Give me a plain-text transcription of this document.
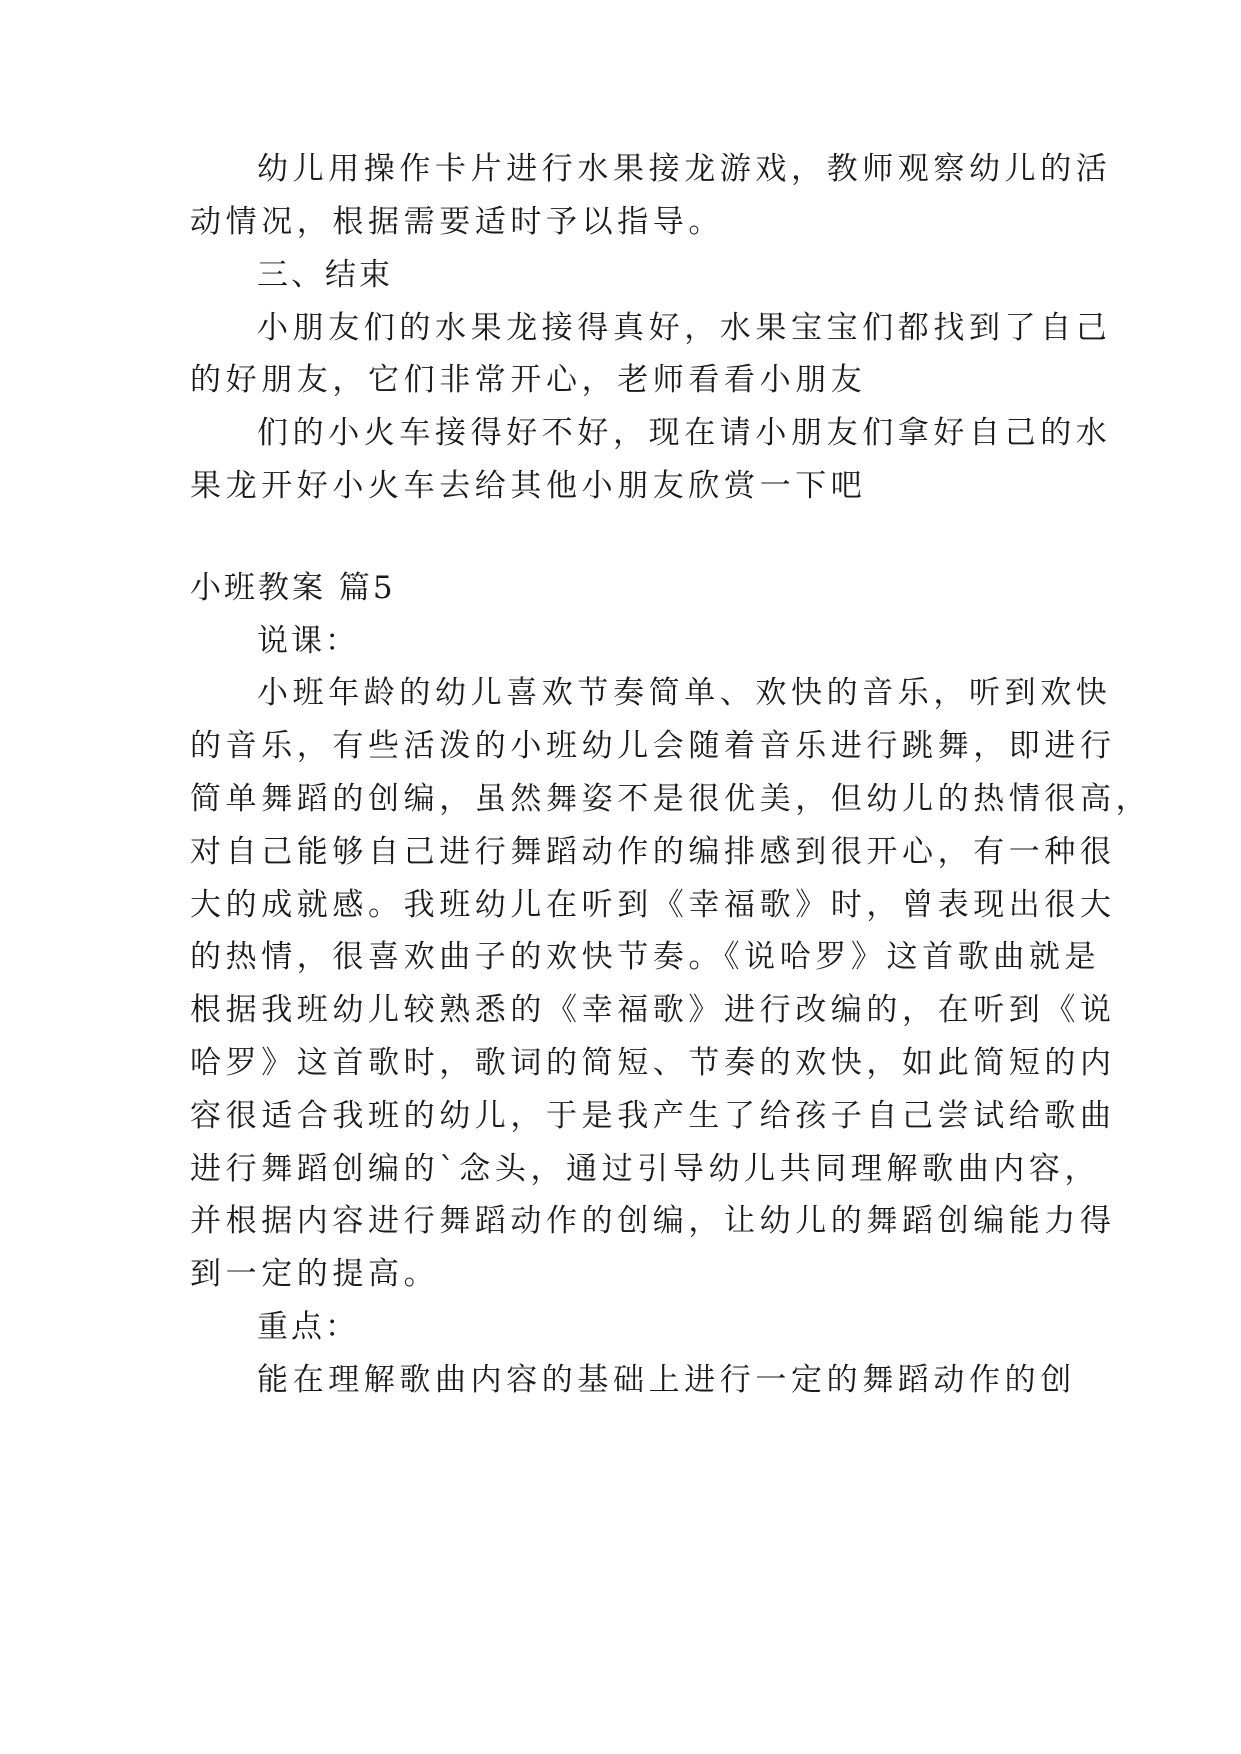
幼儿用操作卡片进行水果接龙游戏，教师观察幼儿的活
动情况，根据需要适时予以指导。
三、结束
小朋友们的水果龙接得真好，水果宝宝们都找到了自己
的好朋友，它们非常开心，老师看看小朋友
们的小火车接得好不好，现在请小朋友们拿好自己的水
果龙开好小火车去给其他小朋友欣赏一下吧
小班教案 篇5
说课：
小班年龄的幼儿喜欢节奏简单、欢快的音乐，听到欢快
的音乐，有些活泼的小班幼儿会随着音乐进行跳舞，即进行
简单舞蹈的创编，虽然舞姿不是很优美，但幼儿的热情很高，
对自己能够自己进行舞蹈动作的编排感到很开心，有一种很
大的成就感。我班幼儿在听到《幸福歌》时，曾表现出很大
的热情，很喜欢曲子的欢快节奏。《说哈罗》这首歌曲就是
根据我班幼儿较熟悉的《幸福歌》进行改编的，在听到《说
哈罗》这首歌时，歌词的简短、节奏的欢快，如此简短的内
容很适合我班的幼儿，于是我产生了给孩子自己尝试给歌曲
进行舞蹈创编的`念头，通过引导幼儿共同理解歌曲内容，
并根据内容进行舞蹈动作的创编，让幼儿的舞蹈创编能力得
到一定的提高。
重点：
能在理解歌曲内容的基础上进行一定的舞蹈动作的创
